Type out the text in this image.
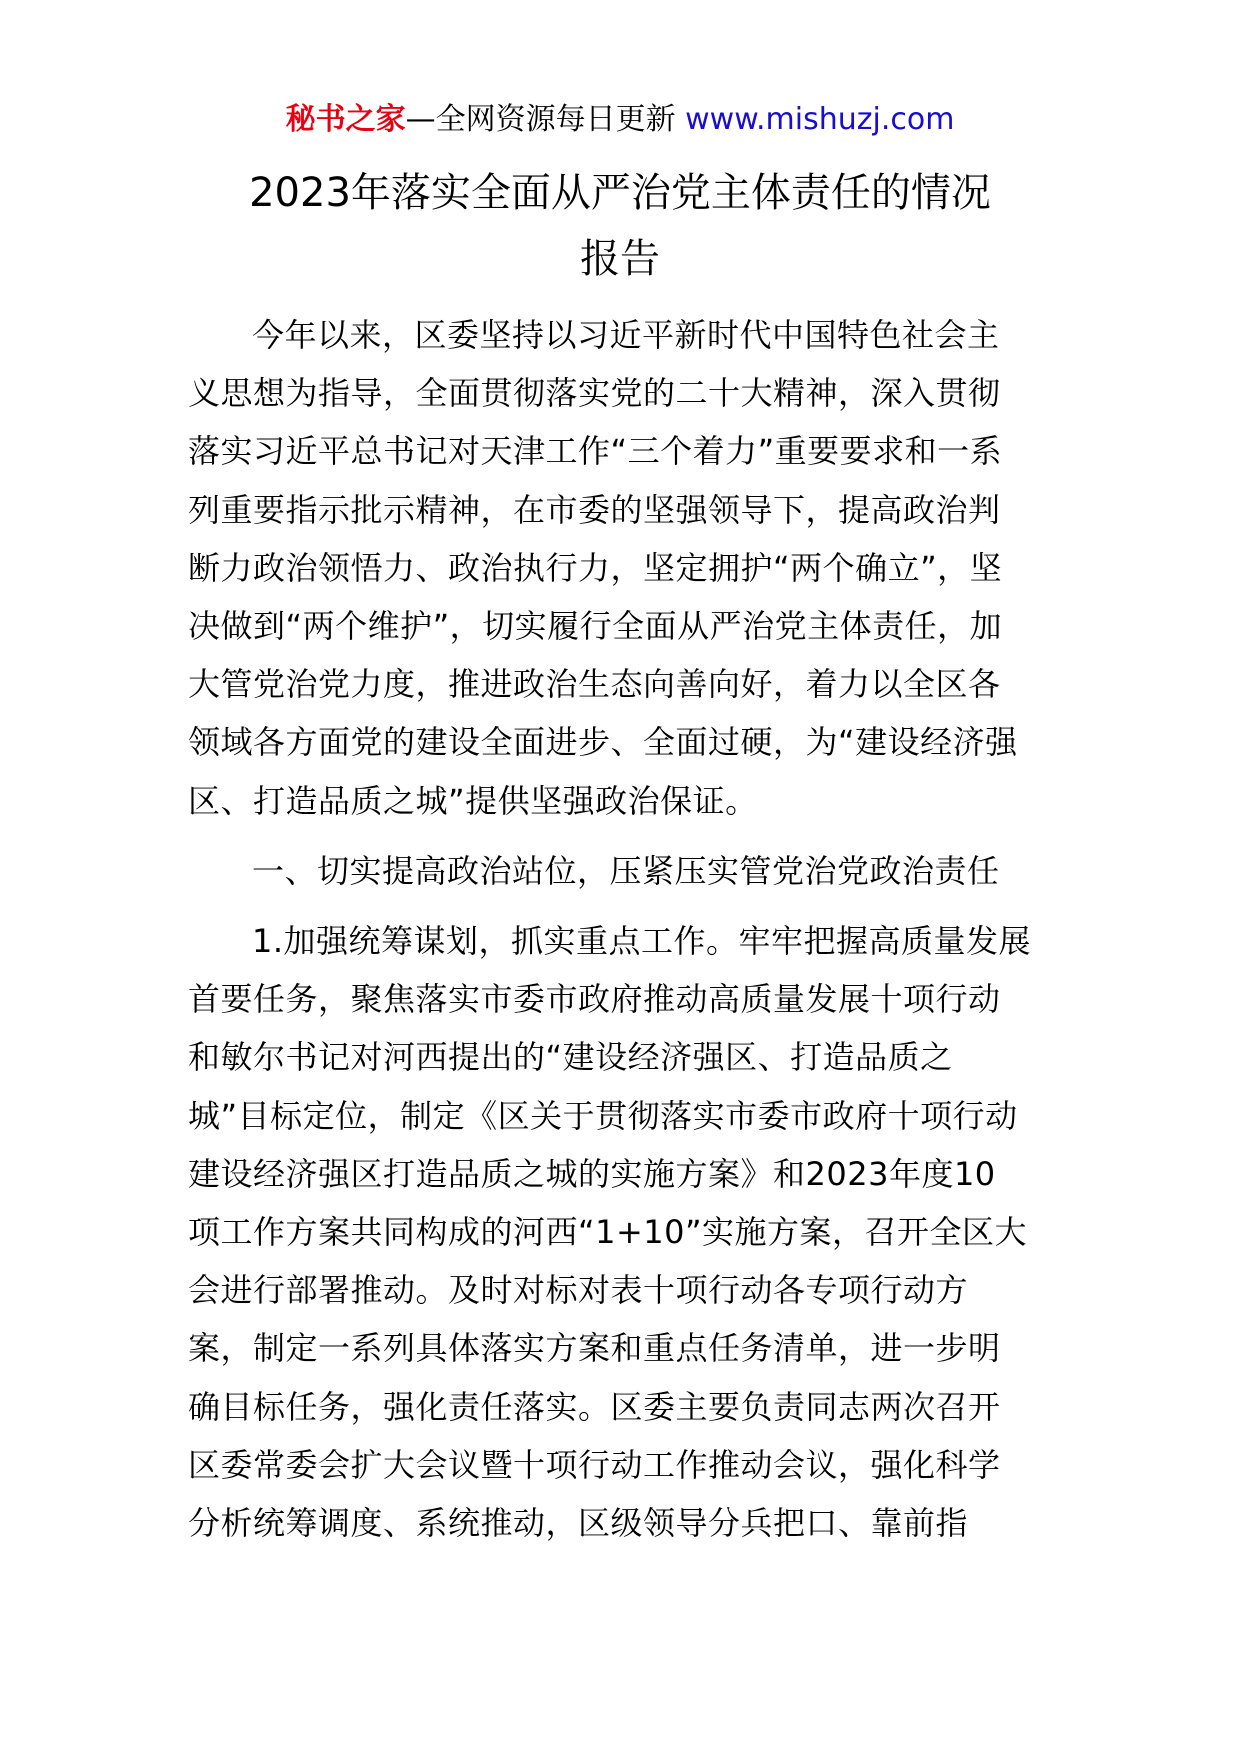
秘书之家—全网资源每日更新 www.mishuzj.com
2023年落实全面从严治党主体责任的情况
报告

今年以来，区委坚持以习近平新时代中国特色社会主
义思想为指导，全面贯彻落实党的二十大精神，深入贯彻
落实习近平总书记对天津工作“三个着力”重要要求和一系
列重要指示批示精神，在市委的坚强领导下，提高政治判
断力政治领悟力、政治执行力，坚定拥护“两个确立”，坚
决做到“两个维护”，切实履行全面从严治党主体责任，加
大管党治党力度，推进政治生态向善向好，着力以全区各
领域各方面党的建设全面进步、全面过硬，为“建设经济强
区、打造品质之城”提供坚强政治保证。

一、切实提高政治站位，压紧压实管党治党政治责任

1.加强统筹谋划，抓实重点工作。牢牢把握高质量发展
首要任务，聚焦落实市委市政府推动高质量发展十项行动
和敏尔书记对河西提出的“建设经济强区、打造品质之
城”目标定位，制定《区关于贯彻落实市委市政府十项行动
建设经济强区打造品质之城的实施方案》和2023年度10
项工作方案共同构成的河西“1+10”实施方案，召开全区大
会进行部署推动。及时对标对表十项行动各专项行动方
案，制定一系列具体落实方案和重点任务清单，进一步明
确目标任务，强化责任落实。区委主要负责同志两次召开
区委常委会扩大会议暨十项行动工作推动会议，强化科学
分析统筹调度、系统推动，区级领导分兵把口、靠前指
